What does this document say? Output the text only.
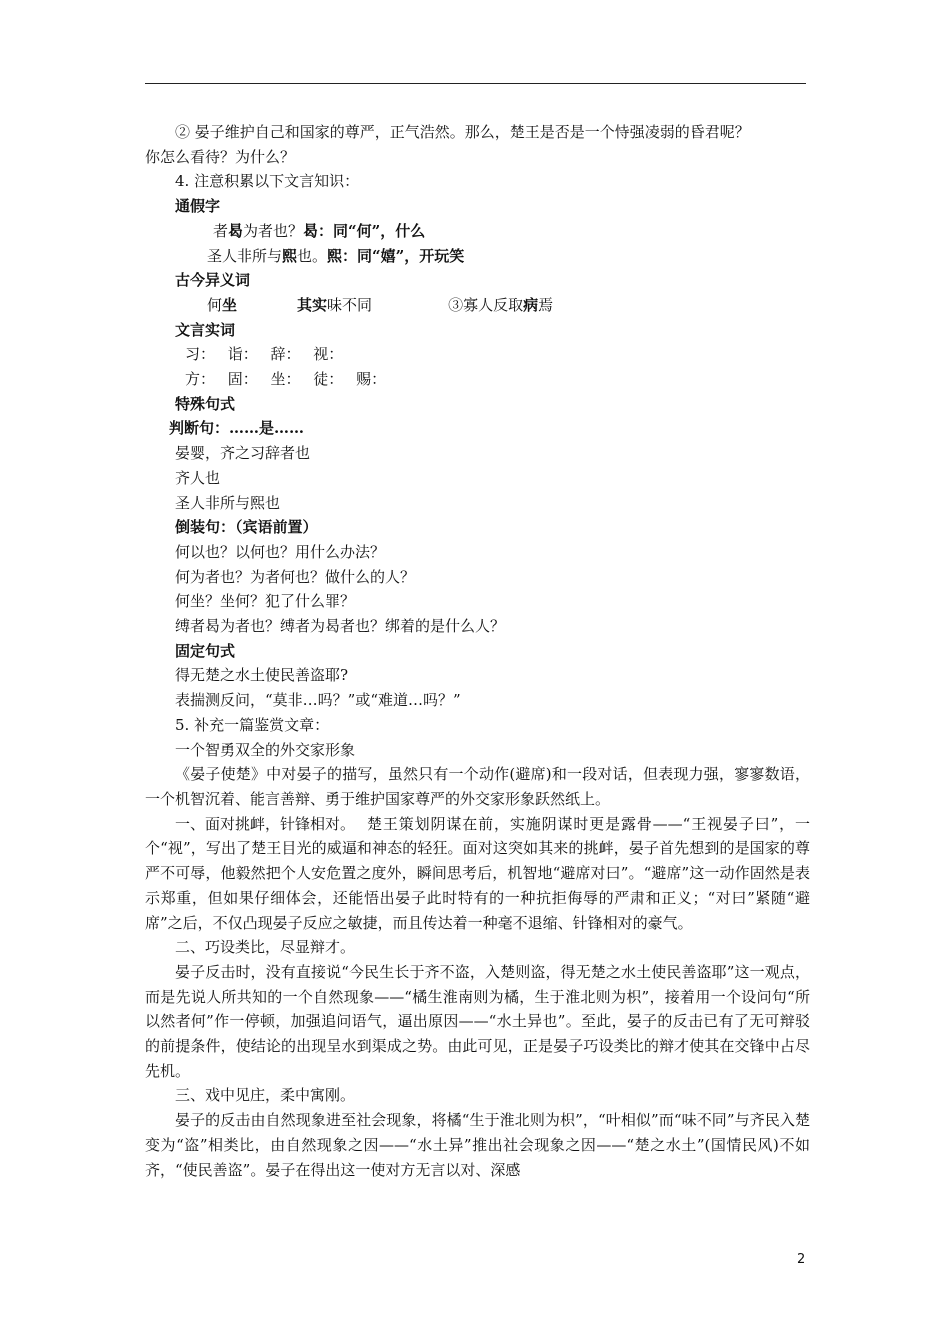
② 晏子维护自己和国家的尊严，正气浩然。那么，楚王是否是一个恃强凌弱的昏君呢？
你怎么看待？为什么？
4. 注意积累以下文言知识：
通假字
者曷为者也？曷：同“何”，什么
圣人非所与熙也。熙：同“嬉”，开玩笑
古今异义词
何坐	其实味不同	③寡人反取病焉
文言实词
习： 诣： 辞： 视：
方： 固： 坐： 徒： 赐：
特殊句式
判断句：……是……
晏婴，齐之习辞者也
齐人也
圣人非所与熙也
倒装句：（宾语前置）
何以也？以何也？用什么办法？
何为者也？为者何也？做什么的人？
何坐？坐何？犯了什么罪？
缚者曷为者也？缚者为曷者也？绑着的是什么人？
固定句式
得无楚之水土使民善盗耶?
表揣测反问，“莫非…吗？”或“难道…吗？”
5. 补充一篇鉴赏文章：
一个智勇双全的外交家形象
《晏子使楚》中对晏子的描写，虽然只有一个动作(避席)和一段对话，但表现力强，寥寥数语，一个机智沉着、能言善辩、勇于维护国家尊严的外交家形象跃然纸上。
一、面对挑衅，针锋相对。 楚王策划阴谋在前，实施阴谋时更是露骨——“王视晏子曰”，一个“视”，写出了楚王目光的威逼和神态的轻狂。面对这突如其来的挑衅，晏子首先想到的是国家的尊严不可辱，他毅然把个人安危置之度外，瞬间思考后，机智地“避席对曰”。“避席”这一动作固然是表示郑重，但如果仔细体会，还能悟出晏子此时特有的一种抗拒侮辱的严肃和正义；“对曰”紧随“避席”之后，不仅凸现晏子反应之敏捷，而且传达着一种毫不退缩、针锋相对的豪气。
二、巧设类比，尽显辩才。
晏子反击时，没有直接说“今民生长于齐不盗，入楚则盗，得无楚之水土使民善盗耶”这一观点，而是先说人所共知的一个自然现象——“橘生淮南则为橘，生于淮北则为枳”，接着用一个设问句“所以然者何”作一停顿，加强追问语气，逼出原因——“水土异也”。至此，晏子的反击已有了无可辩驳的前提条件，使结论的出现呈水到渠成之势。由此可见，正是晏子巧设类比的辩才使其在交锋中占尽先机。
三、戏中见庄，柔中寓刚。
晏子的反击由自然现象进至社会现象，将橘“生于淮北则为枳”，“叶相似”而“味不同”与齐民入楚变为“盗”相类比，由自然现象之因——“水土异”推出社会现象之因——“楚之水土”(国情民风)不如齐，“使民善盗”。晏子在得出这一使对方无言以对、深感
2
